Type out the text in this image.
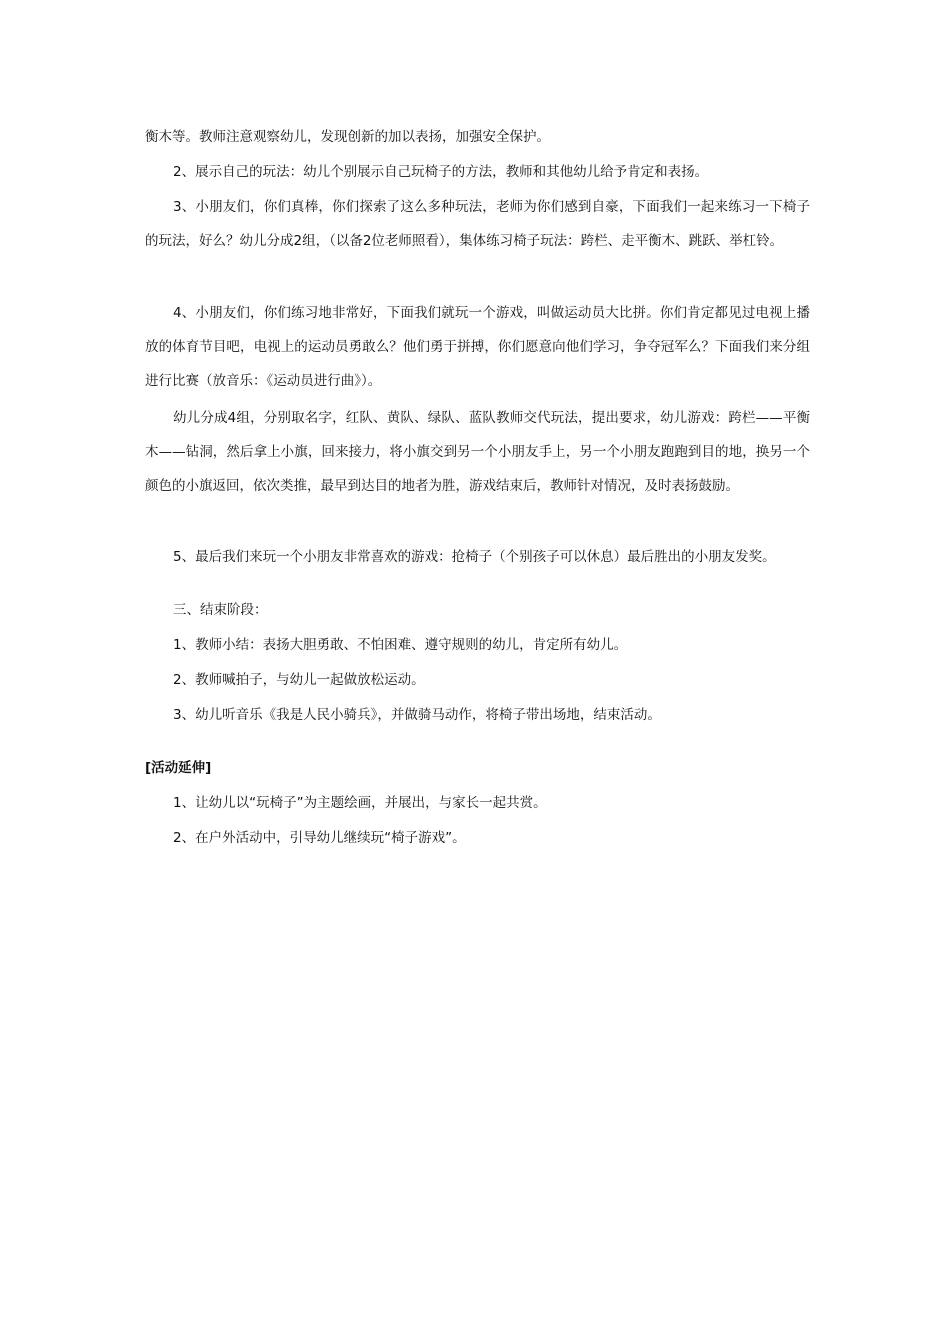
衡木等。教师注意观察幼儿，发现创新的加以表扬，加强安全保护。

2、展示自己的玩法：幼儿个别展示自己玩椅子的方法，教师和其他幼儿给予肯定和表扬。

3、小朋友们，你们真棒，你们探索了这么多种玩法，老师为你们感到自豪，下面我们一起来练习一下椅子的玩法，好么？幼儿分成2组，（以备2位老师照看），集体练习椅子玩法：跨栏、走平衡木、跳跃、举杠铃。

4、小朋友们，你们练习地非常好，下面我们就玩一个游戏，叫做运动员大比拼。你们肯定都见过电视上播放的体育节目吧，电视上的运动员勇敢么？他们勇于拼搏，你们愿意向他们学习，争夺冠军么？下面我们来分组进行比赛（放音乐：《运动员进行曲》）。

幼儿分成4组，分别取名字，红队、黄队、绿队、蓝队教师交代玩法，提出要求，幼儿游戏：跨栏——平衡木——钻洞，然后拿上小旗，回来接力，将小旗交到另一个小朋友手上，另一个小朋友跑跑到目的地，换另一个颜色的小旗返回，依次类推，最早到达目的地者为胜，游戏结束后，教师针对情况，及时表扬鼓励。

5、最后我们来玩一个小朋友非常喜欢的游戏：抢椅子（个别孩子可以休息）最后胜出的小朋友发奖。

三、结束阶段：

1、教师小结：表扬大胆勇敢、不怕困难、遵守规则的幼儿，肯定所有幼儿。

2、教师喊拍子，与幼儿一起做放松运动。

3、幼儿听音乐《我是人民小骑兵》，并做骑马动作，将椅子带出场地，结束活动。

[活动延伸]

1、让幼儿以“玩椅子”为主题绘画，并展出，与家长一起共赏。

2、在户外活动中，引导幼儿继续玩“椅子游戏”。
